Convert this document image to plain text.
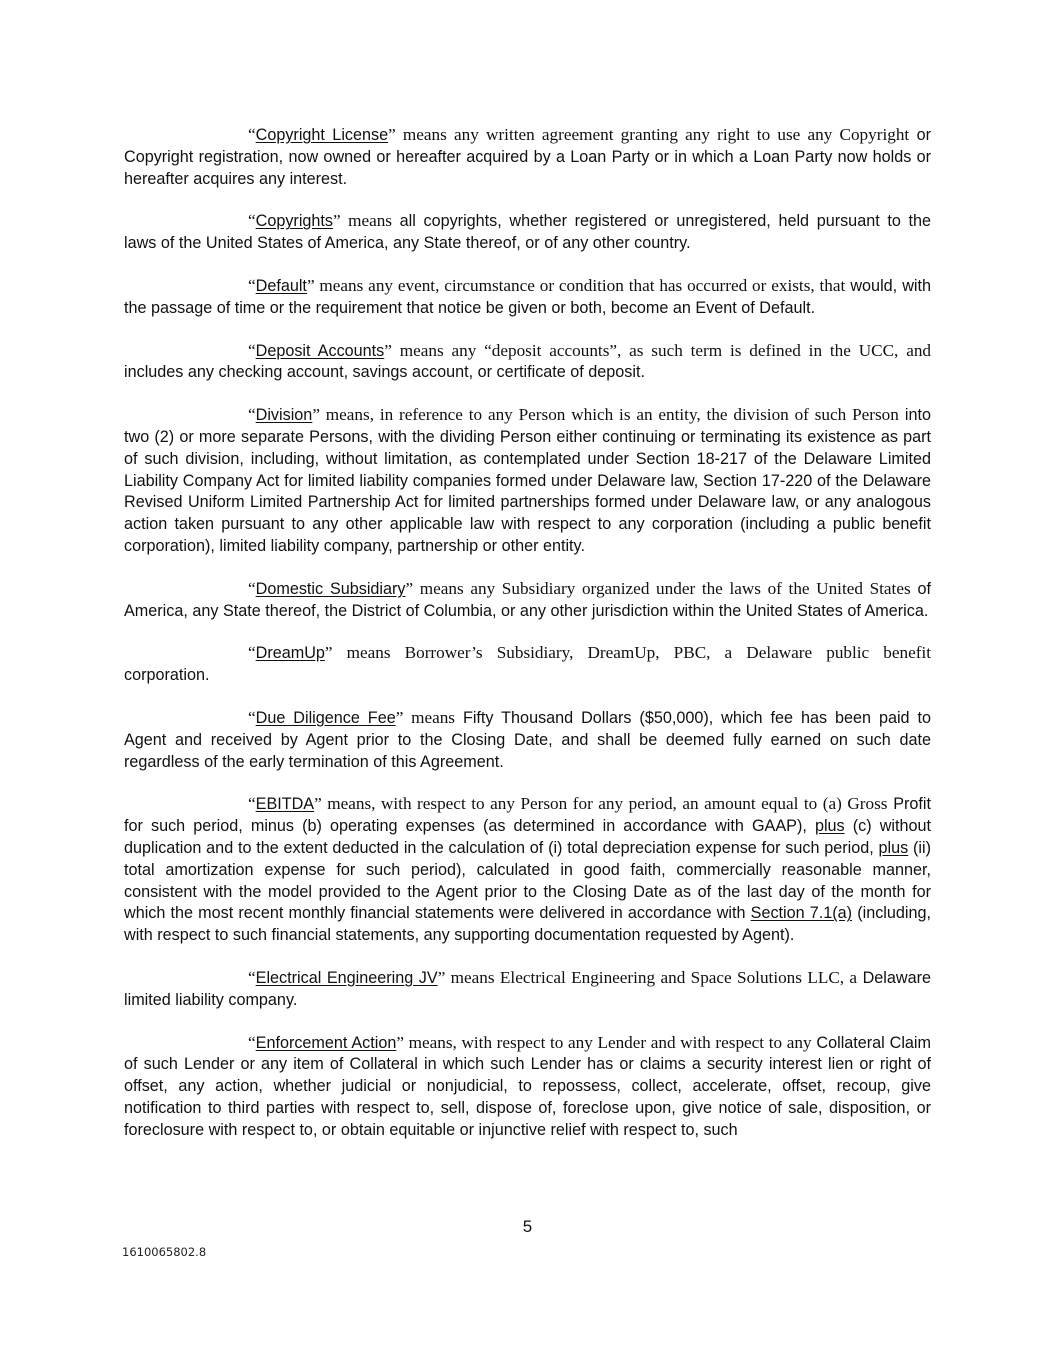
“Copyright License” means any written agreement granting any right to use any Copyright or Copyright registration, now owned or hereafter acquired by a Loan Party or in which a Loan Party now holds or hereafter acquires any interest.

“Copyrights” means all copyrights, whether registered or unregistered, held pursuant to the laws of the United States of America, any State thereof, or of any other country.

“Default” means any event, circumstance or condition that has occurred or exists, that would, with the passage of time or the requirement that notice be given or both, become an Event of Default.

“Deposit Accounts” means any “deposit accounts”, as such term is defined in the UCC, and includes any checking account, savings account, or certificate of deposit.

“Division” means, in reference to any Person which is an entity, the division of such Person into two (2) or more separate Persons, with the dividing Person either continuing or terminating its existence as part of such division, including, without limitation, as contemplated under Section 18-217 of the Delaware Limited Liability Company Act for limited liability companies formed under Delaware law, Section 17-220 of the Delaware Revised Uniform Limited Partnership Act for limited partnerships formed under Delaware law, or any analogous action taken pursuant to any other applicable law with respect to any corporation (including a public benefit corporation), limited liability company, partnership or other entity.

“Domestic Subsidiary” means any Subsidiary organized under the laws of the United States of America, any State thereof, the District of Columbia, or any other jurisdiction within the United States of America.

“DreamUp” means Borrower’s Subsidiary, DreamUp, PBC, a Delaware public benefit corporation.

“Due Diligence Fee” means Fifty Thousand Dollars ($50,000), which fee has been paid to Agent and received by Agent prior to the Closing Date, and shall be deemed fully earned on such date regardless of the early termination of this Agreement.

“EBITDA” means, with respect to any Person for any period, an amount equal to (a) Gross Profit for such period, minus (b) operating expenses (as determined in accordance with GAAP), plus (c) without duplication and to the extent deducted in the calculation of (i) total depreciation expense for such period, plus (ii) total amortization expense for such period), calculated in good faith, commercially reasonable manner, consistent with the model provided to the Agent prior to the Closing Date as of the last day of the month for which the most recent monthly financial statements were delivered in accordance with Section 7.1(a) (including, with respect to such financial statements, any supporting documentation requested by Agent).

“Electrical Engineering JV” means Electrical Engineering and Space Solutions LLC, a Delaware limited liability company.

“Enforcement Action” means, with respect to any Lender and with respect to any Collateral Claim of such Lender or any item of Collateral in which such Lender has or claims a security interest lien or right of offset, any action, whether judicial or nonjudicial, to repossess, collect, accelerate, offset, recoup, give notification to third parties with respect to, sell, dispose of, foreclose upon, give notice of sale, disposition, or foreclosure with respect to, or obtain equitable or injunctive relief with respect to, such

5
1610065802.8
